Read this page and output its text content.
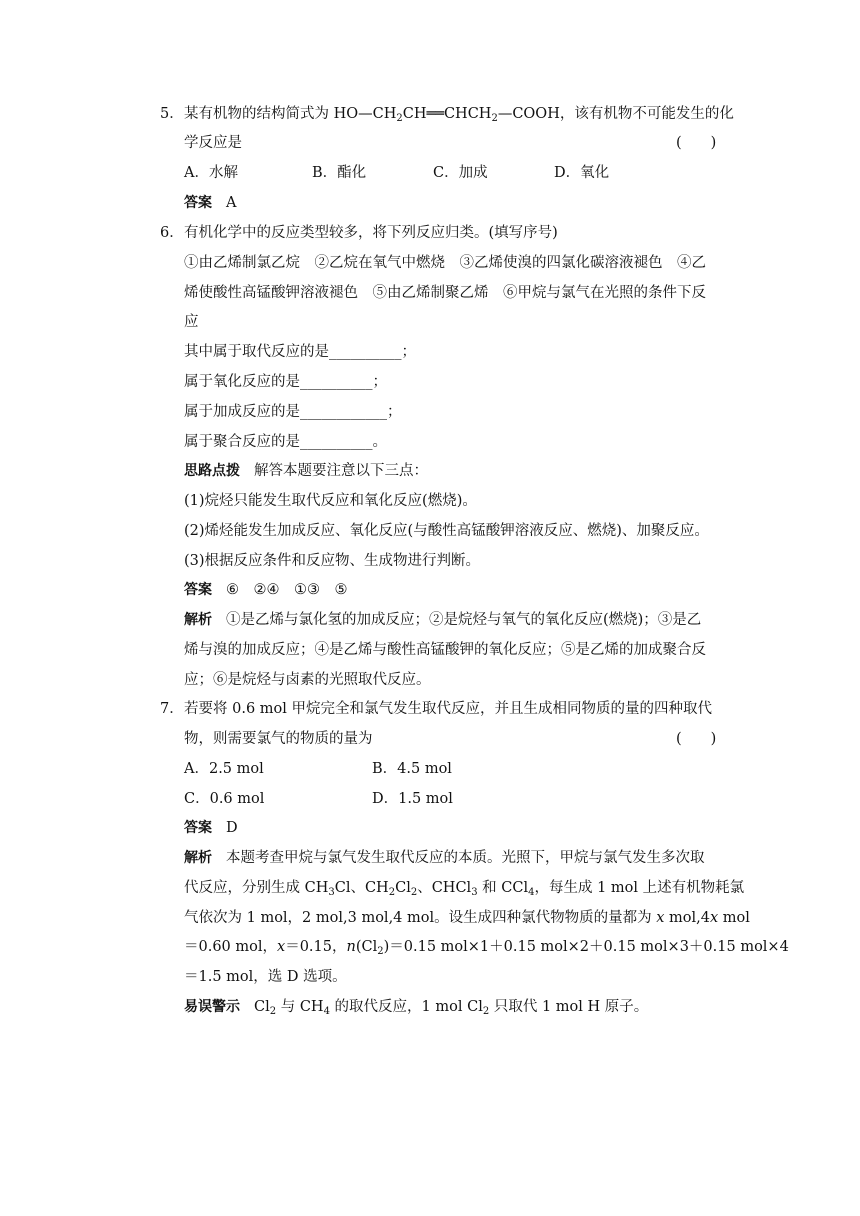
5． 某有机物的结构简式为 $HO—CH_2CH══CHCH_2—COOH$，该有机物不可能发生的化
学反应是	(　　)
A．水解	B．酯化	C．加成	D．氧化
答案 A
6． 有机化学中的反应类型较多，将下列反应归类。(填写序号)
①由乙烯制氯乙烷　②乙烷在氧气中燃烧　③乙烯使溴的四氯化碳溶液褪色　④乙
烯使酸性高锰酸钾溶液褪色　⑤由乙烯制聚乙烯　⑥甲烷与氯气在光照的条件下反
应
其中属于取代反应的是__________；
属于氧化反应的是__________；
属于加成反应的是____________；
属于聚合反应的是__________。
思路点拨 解答本题要注意以下三点：
(1)烷烃只能发生取代反应和氧化反应(燃烧)。
(2)烯烃能发生加成反应、氧化反应(与酸性高锰酸钾溶液反应、燃烧)、加聚反应。
(3)根据反应条件和反应物、生成物进行判断。
答案 ⑥　②④　①③　⑤
解析 ①是乙烯与氯化氢的加成反应；②是烷烃与氧气的氧化反应(燃烧)；③是乙
烯与溴的加成反应；④是乙烯与酸性高锰酸钾的氧化反应；⑤是乙烯的加成聚合反
应；⑥是烷烃与卤素的光照取代反应。
7． 若要将 0.6 mol 甲烷完全和氯气发生取代反应，并且生成相同物质的量的四种取代
物，则需要氯气的物质的量为	(　　)
A．2.5 mol	B．4.5 mol
C．0.6 mol	D．1.5 mol
答案 D
解析 本题考查甲烷与氯气发生取代反应的本质。光照下，甲烷与氯气发生多次取
代反应，分别生成 $CH_3Cl$、$CH_2Cl_2$、CHCl$_3$ 和 CCl$_4$，每生成 1 mol 上述有机物耗氯
气依次为 1 mol，2 mol,3 mol,4 mol。设生成四种氯代物物质的量都为 x mol,4x mol
＝0.60 mol，x＝0.15，$n(Cl_2)=0.15$ mol×1＋0.15 mol×2＋0.15 mol×3＋0.15 mol×4
＝1.5 mol，选 D 选项。
易误警示 $Cl_2$ 与 $CH_4$ 的取代反应，1 mol $Cl_2$ 只取代 1 mol H 原子。
